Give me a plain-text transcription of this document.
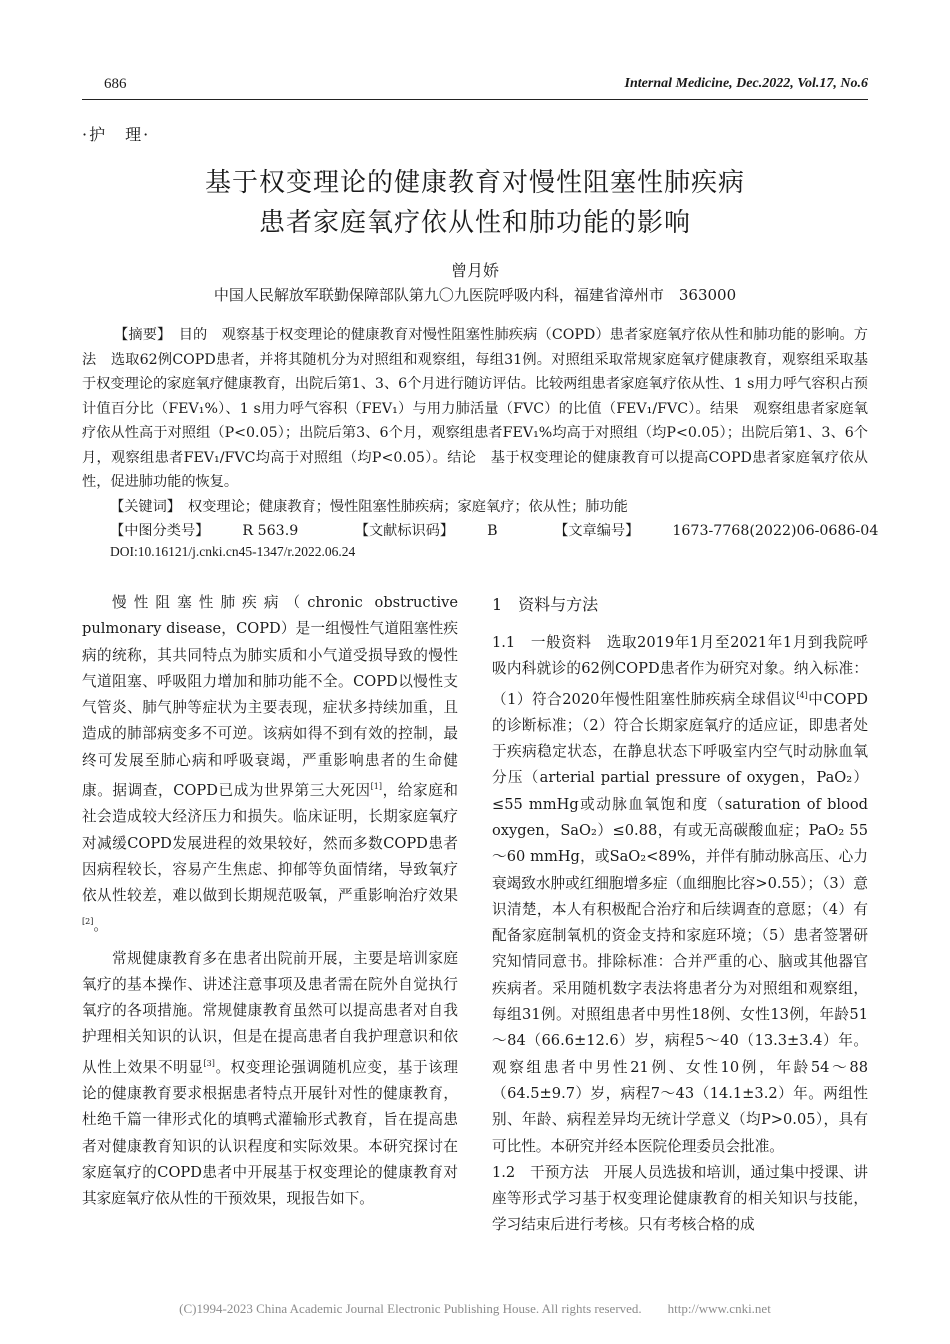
686	Internal Medicine, Dec.2022, Vol.17, No.6
·护　理·
基于权变理论的健康教育对慢性阻塞性肺疾病
患者家庭氧疗依从性和肺功能的影响
曾月娇
中国人民解放军联勤保障部队第九〇九医院呼吸内科，福建省漳州市　363000

【摘要】　 目的　观察基于权变理论的健康教育对慢性阻塞性肺疾病（COPD）患者家庭氧疗依从性和肺功能的影响。方法　选取62例COPD患者，并将其随机分为对照组和观察组，每组31例。对照组采取常规家庭氧疗健康教育，观察组采取基于权变理论的家庭氧疗健康教育，出院后第1、3、6个月进行随访评估。比较两组患者家庭氧疗依从性、1 s用力呼气容积占预计值百分比（FEV₁%）、1 s用力呼气容积（FEV₁）与用力肺活量（FVC）的比值（FEV₁/FVC）。结果　观察组患者家庭氧疗依从性高于对照组（P<0.05）；出院后第3、6个月，观察组患者FEV₁%均高于对照组（均P<0.05）；出院后第1、3、6个月，观察组患者FEV₁/FVC均高于对照组（均P<0.05）。结论　基于权变理论的健康教育可以提高COPD患者家庭氧疗依从性，促进肺功能的恢复。

【关键词】　 权变理论；健康教育；慢性阻塞性肺疾病；家庭氧疗；依从性；肺功能
【中图分类号】　	R 563.9	【文献标识码】　	B	【文章编号】　	1673-7768(2022)06-0686-04
DOI:10.16121/j.cnki.cn45-1347/r.2022.06.24

慢性阻塞性肺疾病（chronic obstructive pulmonary disease，COPD）是一组慢性气道阻塞性疾病的统称，其共同特点为肺实质和小气道受损导致的慢性气道阻塞、呼吸阻力增加和肺功能不全。COPD以慢性支气管炎、肺气肿等症状为主要表现，症状多持续加重，且造成的肺部病变多不可逆。该病如得不到有效的控制，最终可发展至肺心病和呼吸衰竭，严重影响患者的生命健康。据调查，COPD已成为世界第三大死因[1]，给家庭和社会造成较大经济压力和损失。临床证明，长期家庭氧疗对减缓COPD发展进程的效果较好，然而多数COPD患者因病程较长，容易产生焦虑、抑郁等负面情绪，导致氧疗依从性较差，难以做到长期规范吸氧，严重影响治疗效果[2]。

常规健康教育多在患者出院前开展，主要是培训家庭氧疗的基本操作、讲述注意事项及患者需在院外自觉执行氧疗的各项措施。常规健康教育虽然可以提高患者对自我护理相关知识的认识，但是在提高患者自我护理意识和依从性上效果不明显[3]。权变理论强调随机应变，基于该理论的健康教育要求根据患者特点开展针对性的健康教育，杜绝千篇一律形式化的填鸭式灌输形式教育，旨在提高患者对健康教育知识的认识程度和实际效果。本研究探讨在家庭氧疗的COPD患者中开展基于权变理论的健康教育对其家庭氧疗依从性的干预效果，现报告如下。

1　资料与方法

1.1　一般资料　 选取2019年1月至2021年1月到我院呼吸内科就诊的62例COPD患者作为研究对象。纳入标准：（1）符合2020年慢性阻塞性肺疾病全球倡议[4]中COPD的诊断标准；（2）符合长期家庭氧疗的适应证，即患者处于疾病稳定状态，在静息状态下呼吸室内空气时动脉血氧分压（arterial partial pressure of oxygen，PaO₂）≤55 mmHg或动脉血氧饱和度（saturation of blood oxygen，SaO₂）≤0.88，有或无高碳酸血症；PaO₂ 55～60 mmHg，或SaO₂<89%，并伴有肺动脉高压、心力衰竭致水肿或红细胞增多症（血细胞比容>0.55）；（3）意识清楚，本人有积极配合治疗和后续调查的意愿；（4）有配备家庭制氧机的资金支持和家庭环境；（5）患者签署研究知情同意书。排除标准：合并严重的心、脑或其他器官疾病者。采用随机数字表法将患者分为对照组和观察组，每组31例。对照组患者中男性18例、女性13例，年龄51～84（66.6±12.6）岁，病程5～40（13.3±3.4）年。观察组患者中男性21例、女性10例，年龄54～88（64.5±9.7）岁，病程7～43（14.1±3.2）年。两组性别、年龄、病程差异均无统计学意义（均P>0.05），具有可比性。本研究并经本医院伦理委员会批准。

1.2　干预方法　 开展人员选拔和培训，通过集中授课、讲座等形式学习基于权变理论健康教育的相关知识与技能，学习结束后进行考核。只有考核合格的成

(C)1994-2023 China Academic Journal Electronic Publishing House. All rights reserved.　　http://www.cnki.net
